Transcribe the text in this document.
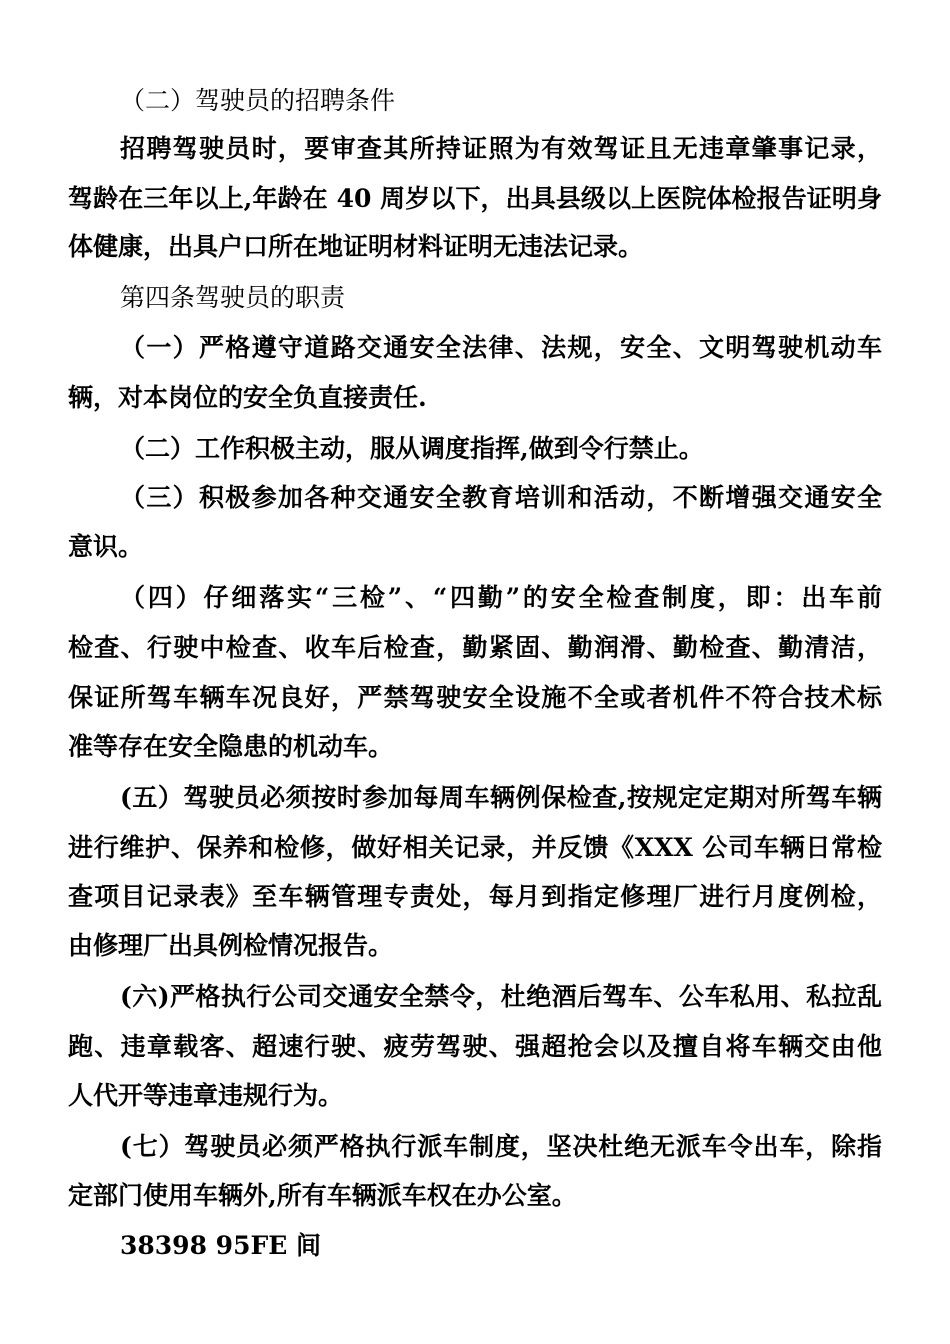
（二）驾驶员的招聘条件
招聘驾驶员时，要审查其所持证照为有效驾证且无违章肇事记录，
驾龄在三年以上,年龄在 40 周岁以下，出具县级以上医院体检报告证明身
体健康，出具户口所在地证明材料证明无违法记录。
第四条驾驶员的职责
（一）严格遵守道路交通安全法律、法规，安全、文明驾驶机动车
辆，对本岗位的安全负直接责任.
（二）工作积极主动，服从调度指挥,做到令行禁止。
（三）积极参加各种交通安全教育培训和活动，不断增强交通安全
意识。
（四）仔细落实“三检”、“四勤”的安全检查制度，即：出车前
检查、行驶中检查、收车后检查，勤紧固、勤润滑、勤检查、勤清洁，
保证所驾车辆车况良好，严禁驾驶安全设施不全或者机件不符合技术标
准等存在安全隐患的机动车。
(五）驾驶员必须按时参加每周车辆例保检查,按规定定期对所驾车辆
进行维护、保养和检修，做好相关记录，并反馈《XXX 公司车辆日常检
查项目记录表》至车辆管理专责处，每月到指定修理厂进行月度例检，
由修理厂出具例检情况报告。
(六)严格执行公司交通安全禁令，杜绝酒后驾车、公车私用、私拉乱
跑、违章载客、超速行驶、疲劳驾驶、强超抢会以及擅自将车辆交由他
人代开等违章违规行为。
(七）驾驶员必须严格执行派车制度，坚决杜绝无派车令出车，除指
定部门使用车辆外,所有车辆派车权在办公室。
38398 95FE 间
